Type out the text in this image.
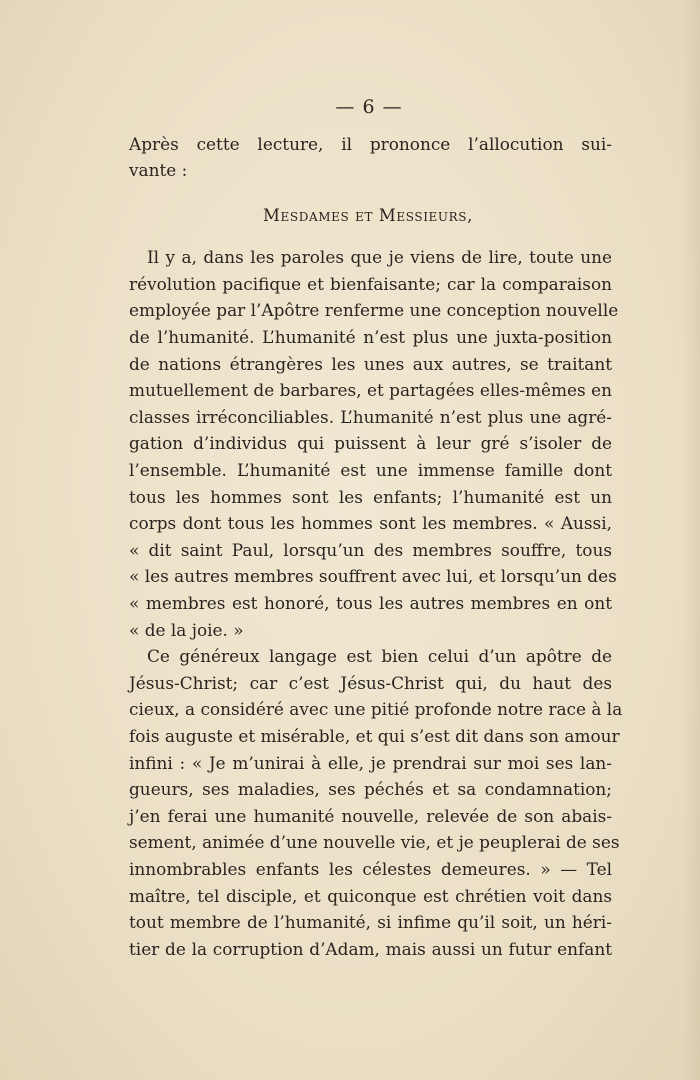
— 6 —
Après cette lecture, il prononce l’allocution sui-
vante :
Mesdames et Messieurs,
Il y a, dans les paroles que je viens de lire, toute une
révolution pacifique et bienfaisante; car la comparaison
employée par l’Apôtre renferme une conception nouvelle
de l’humanité. L’humanité n’est plus une juxta-position
de nations étrangères les unes aux autres, se traitant
mutuellement de barbares, et partagées elles-mêmes en
classes irréconciliables. L’humanité n’est plus une agré-
gation d’individus qui puissent à leur gré s’isoler de
l’ensemble. L’humanité est une immense famille dont
tous les hommes sont les enfants; l’humanité est un
corps dont tous les hommes sont les membres. « Aussi,
« dit saint Paul, lorsqu’un des membres souffre, tous
« les autres membres souffrent avec lui, et lorsqu’un des
« membres est honoré, tous les autres membres en ont
« de la joie. »
Ce généreux langage est bien celui d’un apôtre de
Jésus-Christ; car c’est Jésus-Christ qui, du haut des
cieux, a considéré avec une pitié profonde notre race à la
fois auguste et misérable, et qui s’est dit dans son amour
infini : « Je m’unirai à elle, je prendrai sur moi ses lan-
gueurs, ses maladies, ses péchés et sa condamnation;
j’en ferai une humanité nouvelle, relevée de son abais-
sement, animée d’une nouvelle vie, et je peuplerai de ses
innombrables enfants les célestes demeures. » — Tel
maître, tel disciple, et quiconque est chrétien voit dans
tout membre de l’humanité, si infime qu’il soit, un héri-
tier de la corruption d’Adam, mais aussi un futur enfant
